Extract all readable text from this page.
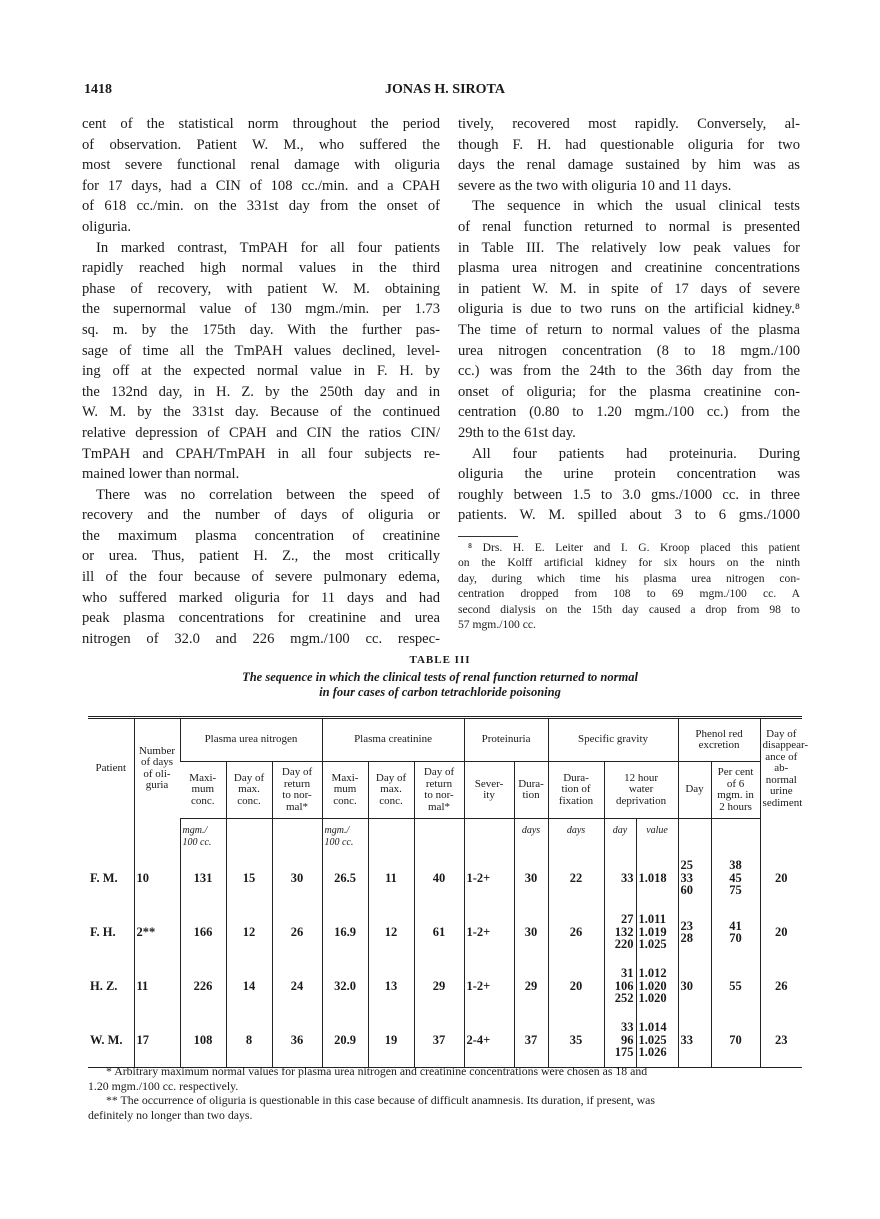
1418	JONAS H. SIROTA
cent of the statistical norm throughout the period
of observation. Patient W. M., who suffered the
most severe functional renal damage with oliguria
for 17 days, had a CIN of 108 cc./min. and a CPAH
of 618 cc./min. on the 331st day from the onset of
oliguria.
In marked contrast, TmPAH for all four patients
rapidly reached high normal values in the third
phase of recovery, with patient W. M. obtaining
the supernormal value of 130 mgm./min. per 1.73
sq. m. by the 175th day. With the further pas-
sage of time all the TmPAH values declined, level-
ing off at the expected normal value in F. H. by
the 132nd day, in H. Z. by the 250th day and in
W. M. by the 331st day. Because of the continued
relative depression of CPAH and CIN the ratios CIN/
TmPAH and CPAH/TmPAH in all four subjects re-
mained lower than normal.
There was no correlation between the speed of
recovery and the number of days of oliguria or
the maximum plasma concentration of creatinine
or urea. Thus, patient H. Z., the most critically
ill of the four because of severe pulmonary edema,
who suffered marked oliguria for 11 days and had
peak plasma concentrations for creatinine and urea
nitrogen of 32.0 and 226 mgm./100 cc. respec-
tively, recovered most rapidly. Conversely, al-
though F. H. had questionable oliguria for two
days the renal damage sustained by him was as
severe as the two with oliguria 10 and 11 days.
The sequence in which the usual clinical tests
of renal function returned to normal is presented
in Table III. The relatively low peak values for
plasma urea nitrogen and creatinine concentrations
in patient W. M. in spite of 17 days of severe
oliguria is due to two runs on the artificial kidney.⁸
The time of return to normal values of the plasma
urea nitrogen concentration (8 to 18 mgm./100
cc.) was from the 24th to the 36th day from the
onset of oliguria; for the plasma creatinine con-
centration (0.80 to 1.20 mgm./100 cc.) from the
29th to the 61st day.
All four patients had proteinuria. During
oliguria the urine protein concentration was
roughly between 1.5 to 3.0 gms./1000 cc. in three
patients. W. M. spilled about 3 to 6 gms./1000
⁸ Drs. H. E. Leiter and I. G. Kroop placed this patient
on the Kolff artificial kidney for six hours on the ninth
day, during which time his plasma urea nitrogen con-
centration dropped from 108 to 69 mgm./100 cc. A
second dialysis on the 15th day caused a drop from 98 to
57 mgm./100 cc.
TABLE III
The sequence in which the clinical tests of renal function returned to normal
in four cases of carbon tetrachloride poisoning
Patient	Number
of days
of oli-
guria	Plasma urea nitrogen			Plasma creatinine			Proteinuria		Specific gravity			Phenol red
excretion		Day of
disappear-
ance of ab-
normal urine
sediment
		Maxi-
mum
conc.	Day of
max.
conc.	Day of
return
to nor-
mal*	Maxi-
mum
conc.	Day of
max.
conc.	Day of
return
to nor-
mal*	Sever-
ity	Dura-
tion	Dura-
tion of
fixation	12 hour
water
deprivation		Day	Per cent
of 6
mgm. in
2 hours	
		mgm./
100 cc.			mgm./
100 cc.				days	days	day	value			
F. M.	10	131	15	30	26.5	11	40	1-2+	30	22	33	1.018	25
33
60	38
45
75	20
F. H.	2**	166	12	26	16.9	12	61	1-2+	30	26	27
132
220	1.011
1.019
1.025	23
28	41
70	20
H. Z.	11	226	14	24	32.0	13	29	1-2+	29	20	31
106
252	1.012
1.020
1.020	30	55	26
W. M.	17	108	8	36	20.9	19	37	2-4+	37	35	33
96
175	1.014
1.025
1.026	33	70	23
* Arbitrary maximum normal values for plasma urea nitrogen and creatinine concentrations were chosen as 18 and
1.20 mgm./100 cc. respectively.
** The occurrence of oliguria is questionable in this case because of difficult anamnesis. Its duration, if present, was
definitely no longer than two days.
